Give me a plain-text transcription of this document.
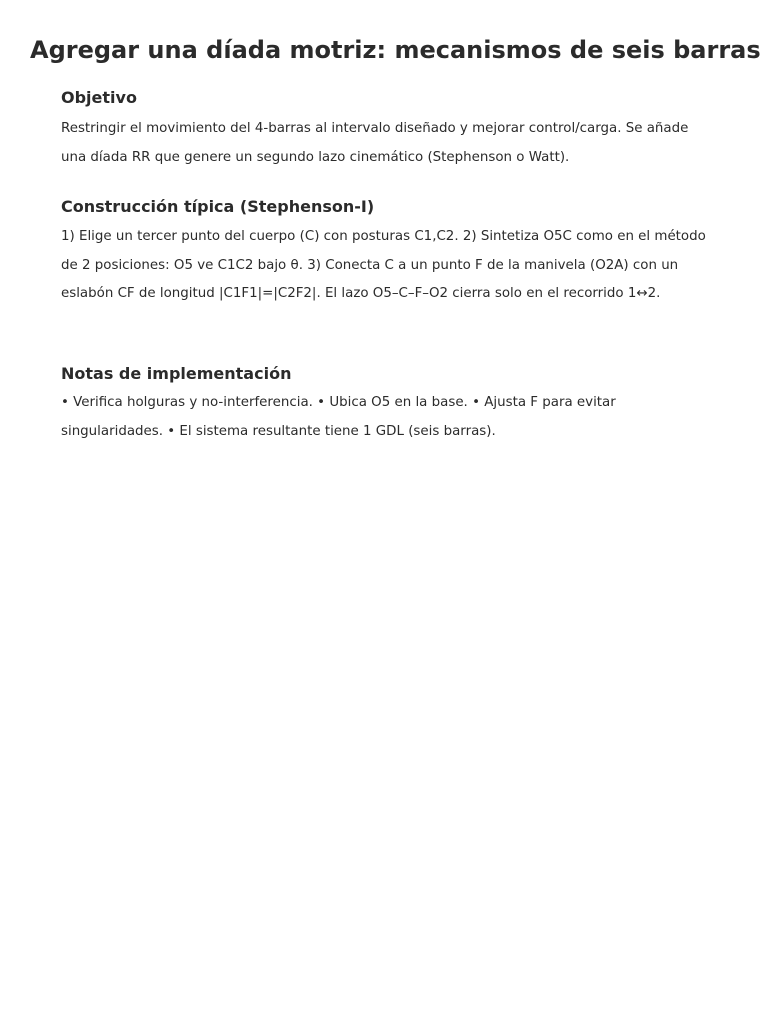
Agregar una díada motriz: mecanismos de seis barras
Objetivo

Restringir el movimiento del 4-barras al intervalo diseñado y mejorar control/carga. Se añade una díada RR que genere un segundo lazo cinemático (Stephenson o Watt).

Construcción típica (Stephenson-I)

1) Elige un tercer punto del cuerpo (C) con posturas C1,C2. 2) Sintetiza O5C como en el método de 2 posiciones: O5 ve C1C2 bajo θ. 3) Conecta C a un punto F de la manivela (O2A) con un eslabón CF de longitud |C1F1|=|C2F2|. El lazo O5–C–F–O2 cierra solo en el recorrido 1↔2.

Notas de implementación

• Verifica holguras y no-interferencia. • Ubica O5 en la base. • Ajusta F para evitar singularidades. • El sistema resultante tiene 1 GDL (seis barras).
